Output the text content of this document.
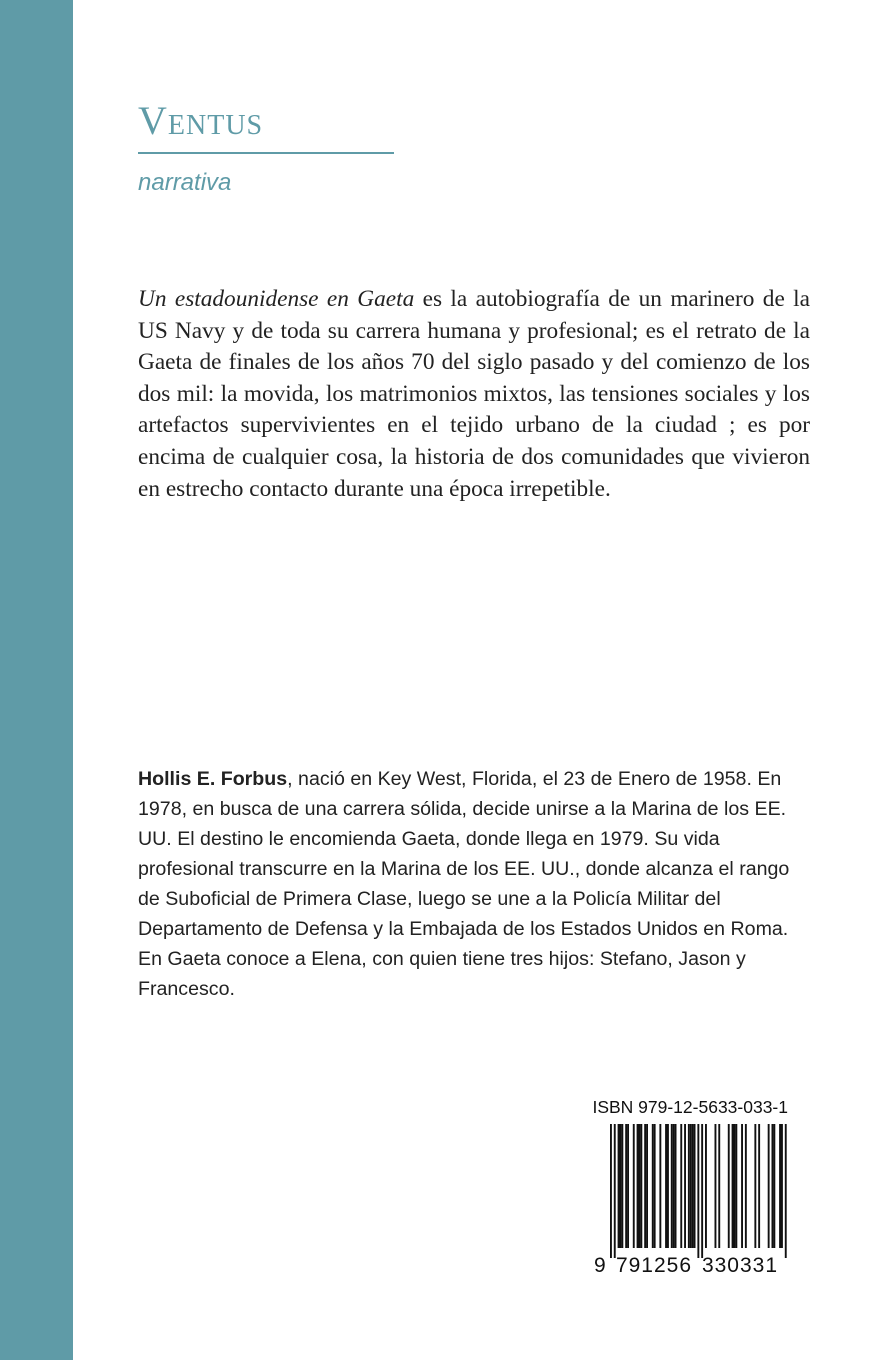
Ventus
narrativa

Un estadounidense en Gaeta es la autobiografía de un marinero de la US Navy y de toda su carrera humana y profesional; es el retrato de la Gaeta de finales de los años 70 del siglo pasado y del comienzo de los dos mil: la movida, los matrimonios mixtos, las tensiones sociales y los artefactos supervivientes en el tejido urbano de la ciudad ; es por encima de cualquier cosa, la historia de dos comunidades que vivieron en estrecho contacto durante una época irrepetible.

Hollis E. Forbus, nació en Key West, Florida, el 23 de Enero de 1958. En 1978, en busca de una carrera sólida, decide unirse a la Marina de los EE. UU. El destino le encomienda Gaeta, donde llega en 1979. Su vida profesional transcurre en la Marina de los EE. UU., donde alcanza el rango de Suboficial de Primera Clase, luego se une a la Policía Militar del Departamento de Defensa y la Embajada de los Estados Unidos en Roma. En Gaeta conoce a Elena, con quien tiene tres hijos: Stefano, Jason y Francesco.

ISBN 979-12-5633-033-1
9 791256 330331
